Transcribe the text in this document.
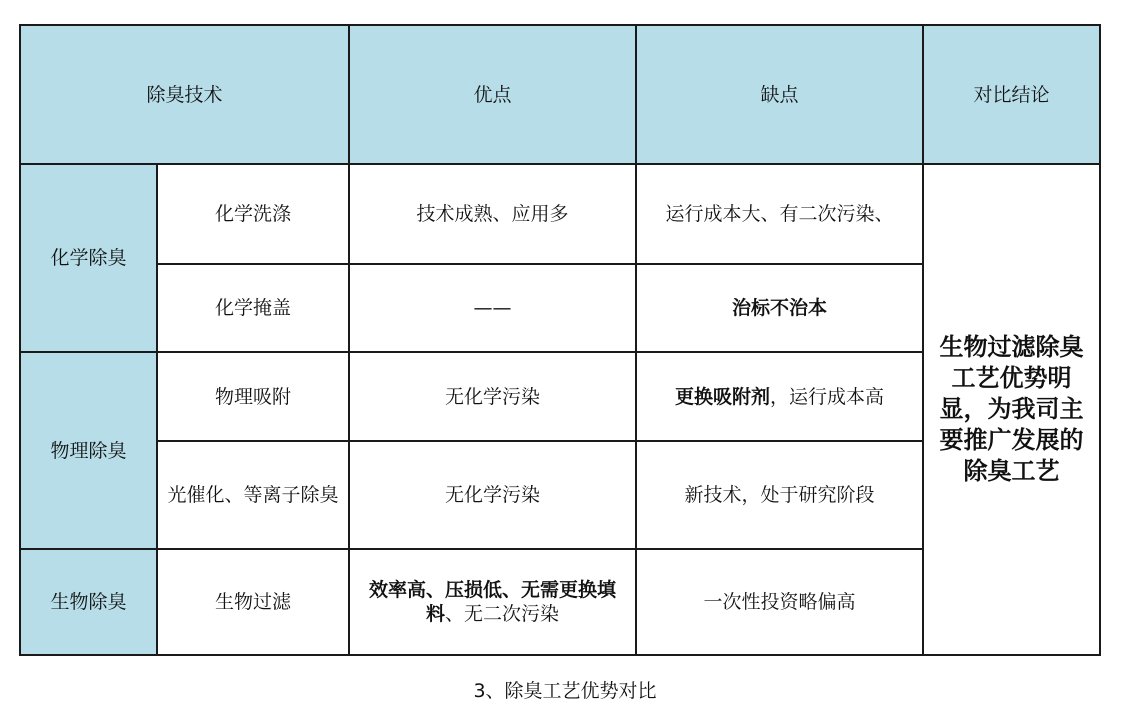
除臭技术		优点	缺点	对比结论
化学除臭	化学洗涤	技术成熟、应用多	运行成本大、有二次污染、	生物过滤除臭工艺优势明显，为我司主要推广发展的除臭工艺
	化学掩盖	——	治标不治本	
物理除臭	物理吸附	无化学污染	更换吸附剂，运行成本高	
	光催化、等离子除臭	无化学污染	新技术，处于研究阶段	
生物除臭	生物过滤	效率高、压损低、无需更换填料、无二次污染	一次性投资略偏高	
3、除臭工艺优势对比
